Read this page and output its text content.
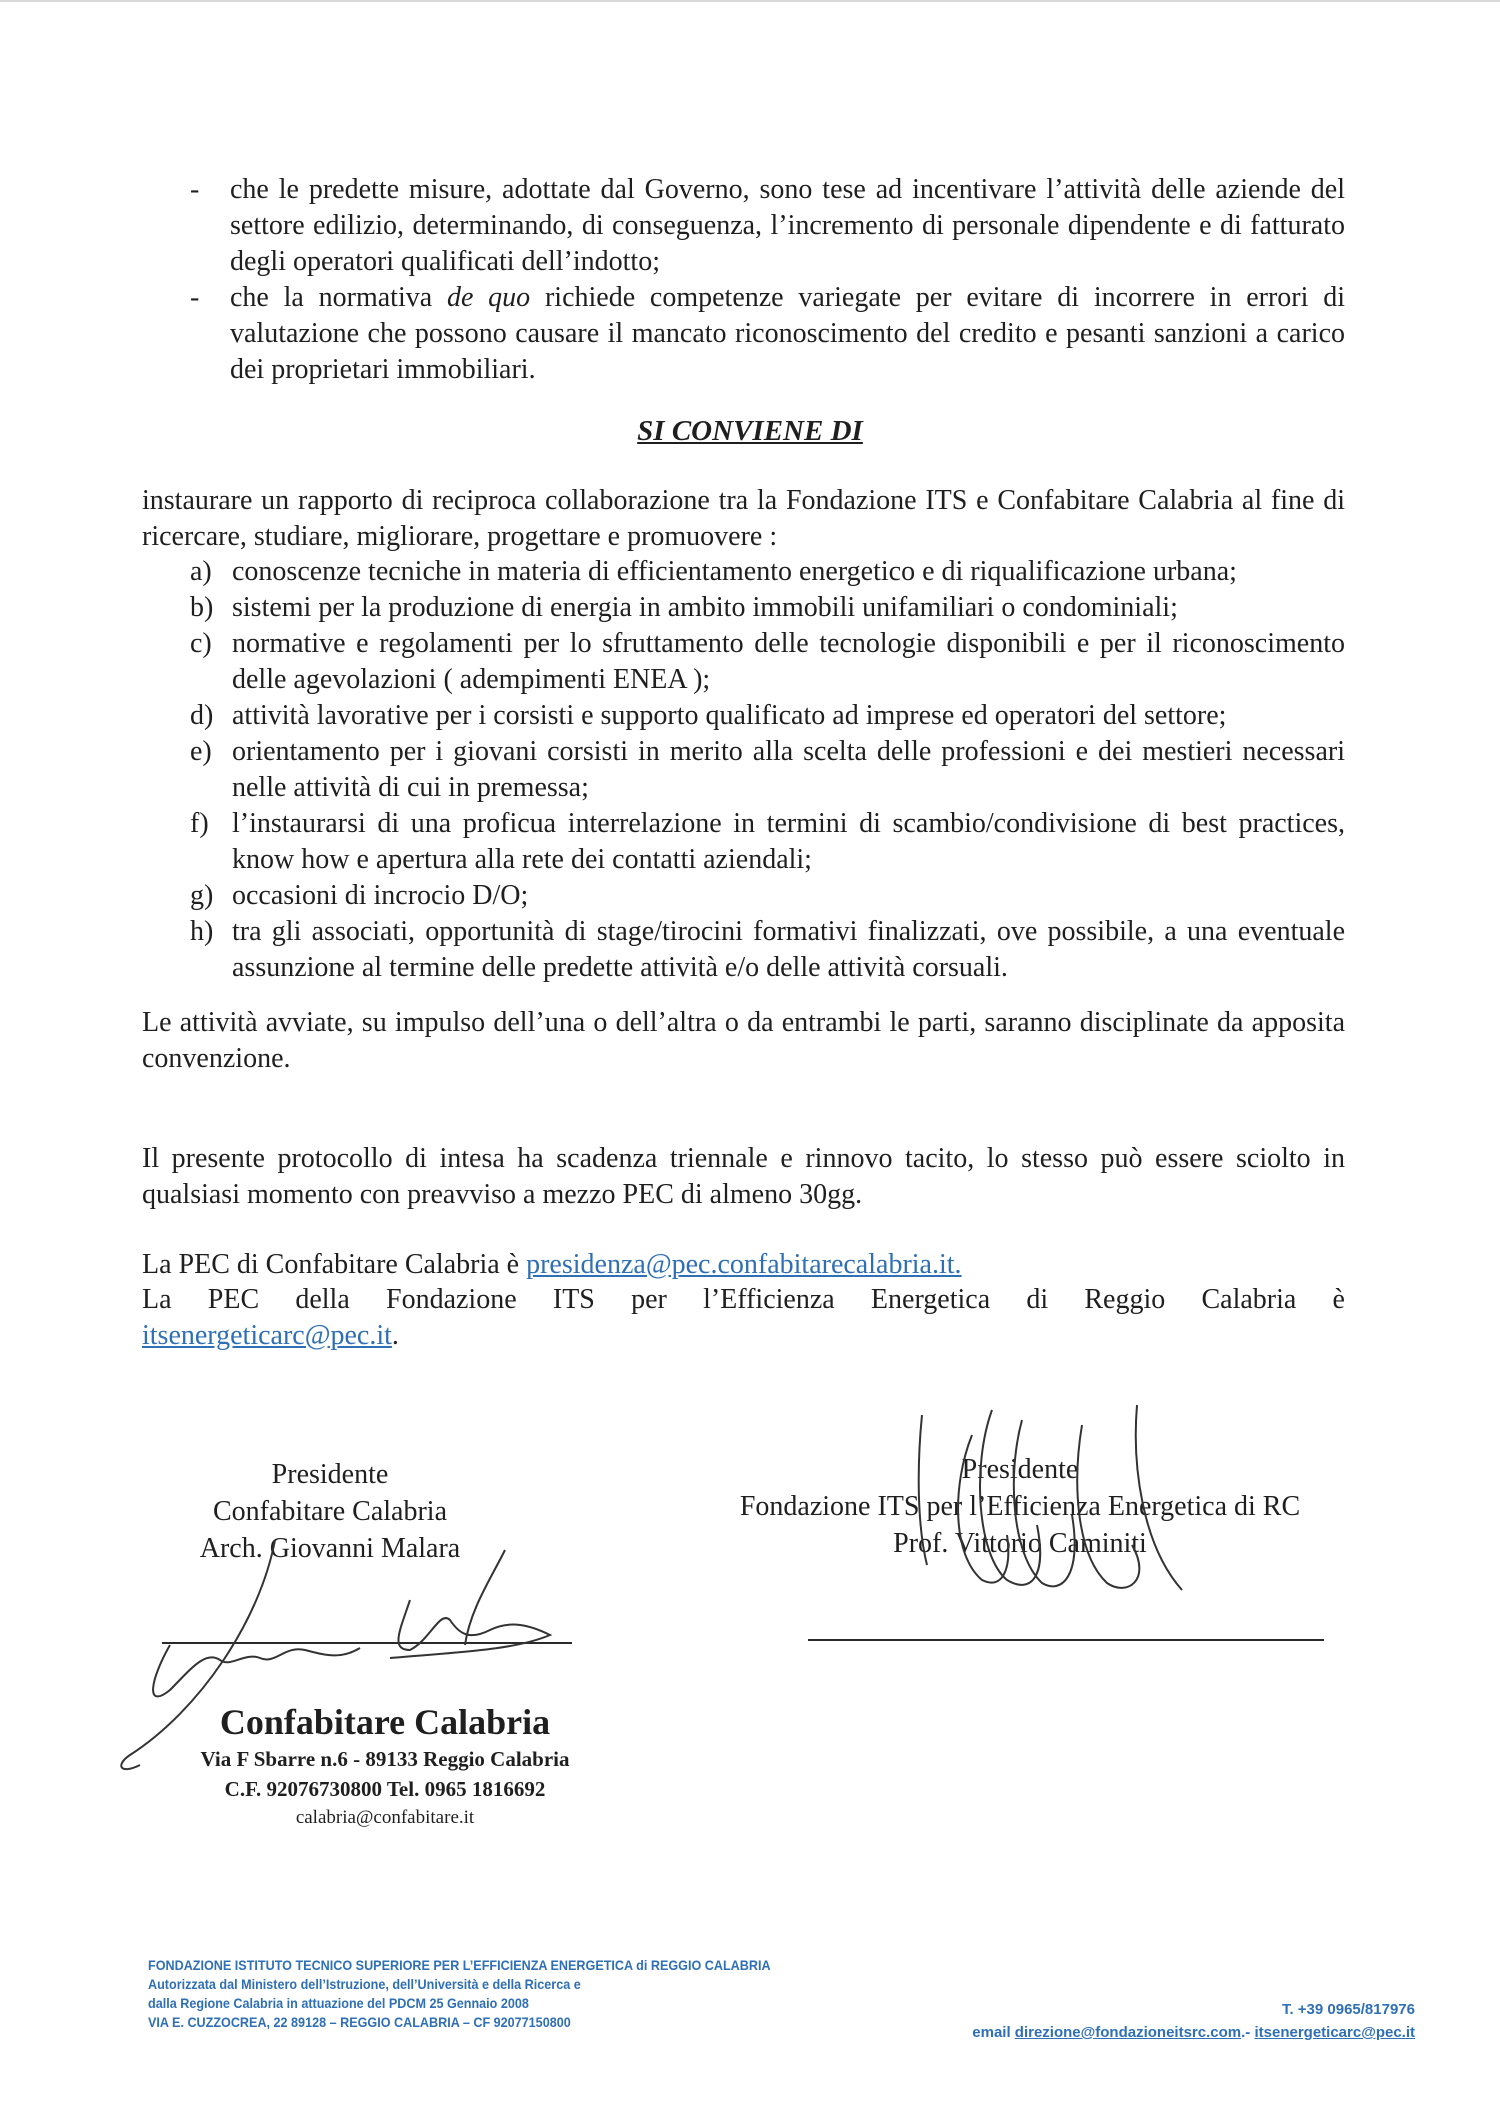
- che le predette misure, adottate dal Governo, sono tese ad incentivare l’attività delle aziende del settore edilizio, determinando, di conseguenza, l’incremento di personale dipendente e di fatturato degli operatori qualificati dell’indotto;
- che la normativa de quo richiede competenze variegate per evitare di incorrere in errori di valutazione che possono causare il mancato riconoscimento del credito e pesanti sanzioni a carico dei proprietari immobiliari.
SI CONVIENE DI
instaurare un rapporto di reciproca collaborazione tra la Fondazione ITS e Confabitare Calabria al fine di ricercare, studiare, migliorare, progettare e promuovere :
a) conoscenze tecniche in materia di efficientamento energetico e di riqualificazione urbana;
b) sistemi per la produzione di energia in ambito immobili unifamiliari o condominiali;
c) normative e regolamenti per lo sfruttamento delle tecnologie disponibili e per il riconoscimento delle agevolazioni ( adempimenti ENEA );
d) attività lavorative per i corsisti e supporto qualificato ad imprese ed operatori del settore;
e) orientamento per i giovani corsisti in merito alla scelta delle professioni e dei mestieri necessari nelle attività di cui in premessa;
f) l’instaurarsi di una proficua interrelazione in termini di scambio/condivisione di best practices, know how e apertura alla rete dei contatti aziendali;
g) occasioni di incrocio D/O;
h) tra gli associati, opportunità di stage/tirocini formativi finalizzati, ove possibile, a una eventuale assunzione al termine delle predette attività e/o delle attività corsuali.
Le attività avviate, su impulso dell’una o dell’altra o da entrambi le parti, saranno disciplinate da apposita convenzione.
Il presente protocollo di intesa ha scadenza triennale e rinnovo tacito, lo stesso può essere sciolto in qualsiasi momento con preavviso a mezzo PEC di almeno 30gg.
La PEC di Confabitare Calabria è presidenza@pec.confabitarecalabria.it.
La PEC della Fondazione ITS per l’Efficienza Energetica di Reggio Calabria è
itsenergeticarc@pec.it.
Presidente
Confabitare Calabria
Arch. Giovanni Malara
Presidente
Fondazione ITS per l’Efficienza Energetica di RC
Prof. Vittorio Caminiti
Confabitare Calabria
Via F Sbarre n.6 - 89133 Reggio Calabria
C.F. 92076730800 Tel. 0965 1816692
calabria@confabitare.it
FONDAZIONE ISTITUTO TECNICO SUPERIORE PER L’EFFICIENZA ENERGETICA di REGGIO CALABRIA
Autorizzata dal Ministero dell’Istruzione, dell’Università e della Ricerca e
dalla Regione Calabria in attuazione del PDCM 25 Gennaio 2008
VIA E. CUZZOCREA, 22 89128 – REGGIO CALABRIA – CF 92077150800
T. +39 0965/817976
email direzione@fondazioneitsrc.com.- itsenergeticarc@pec.it
